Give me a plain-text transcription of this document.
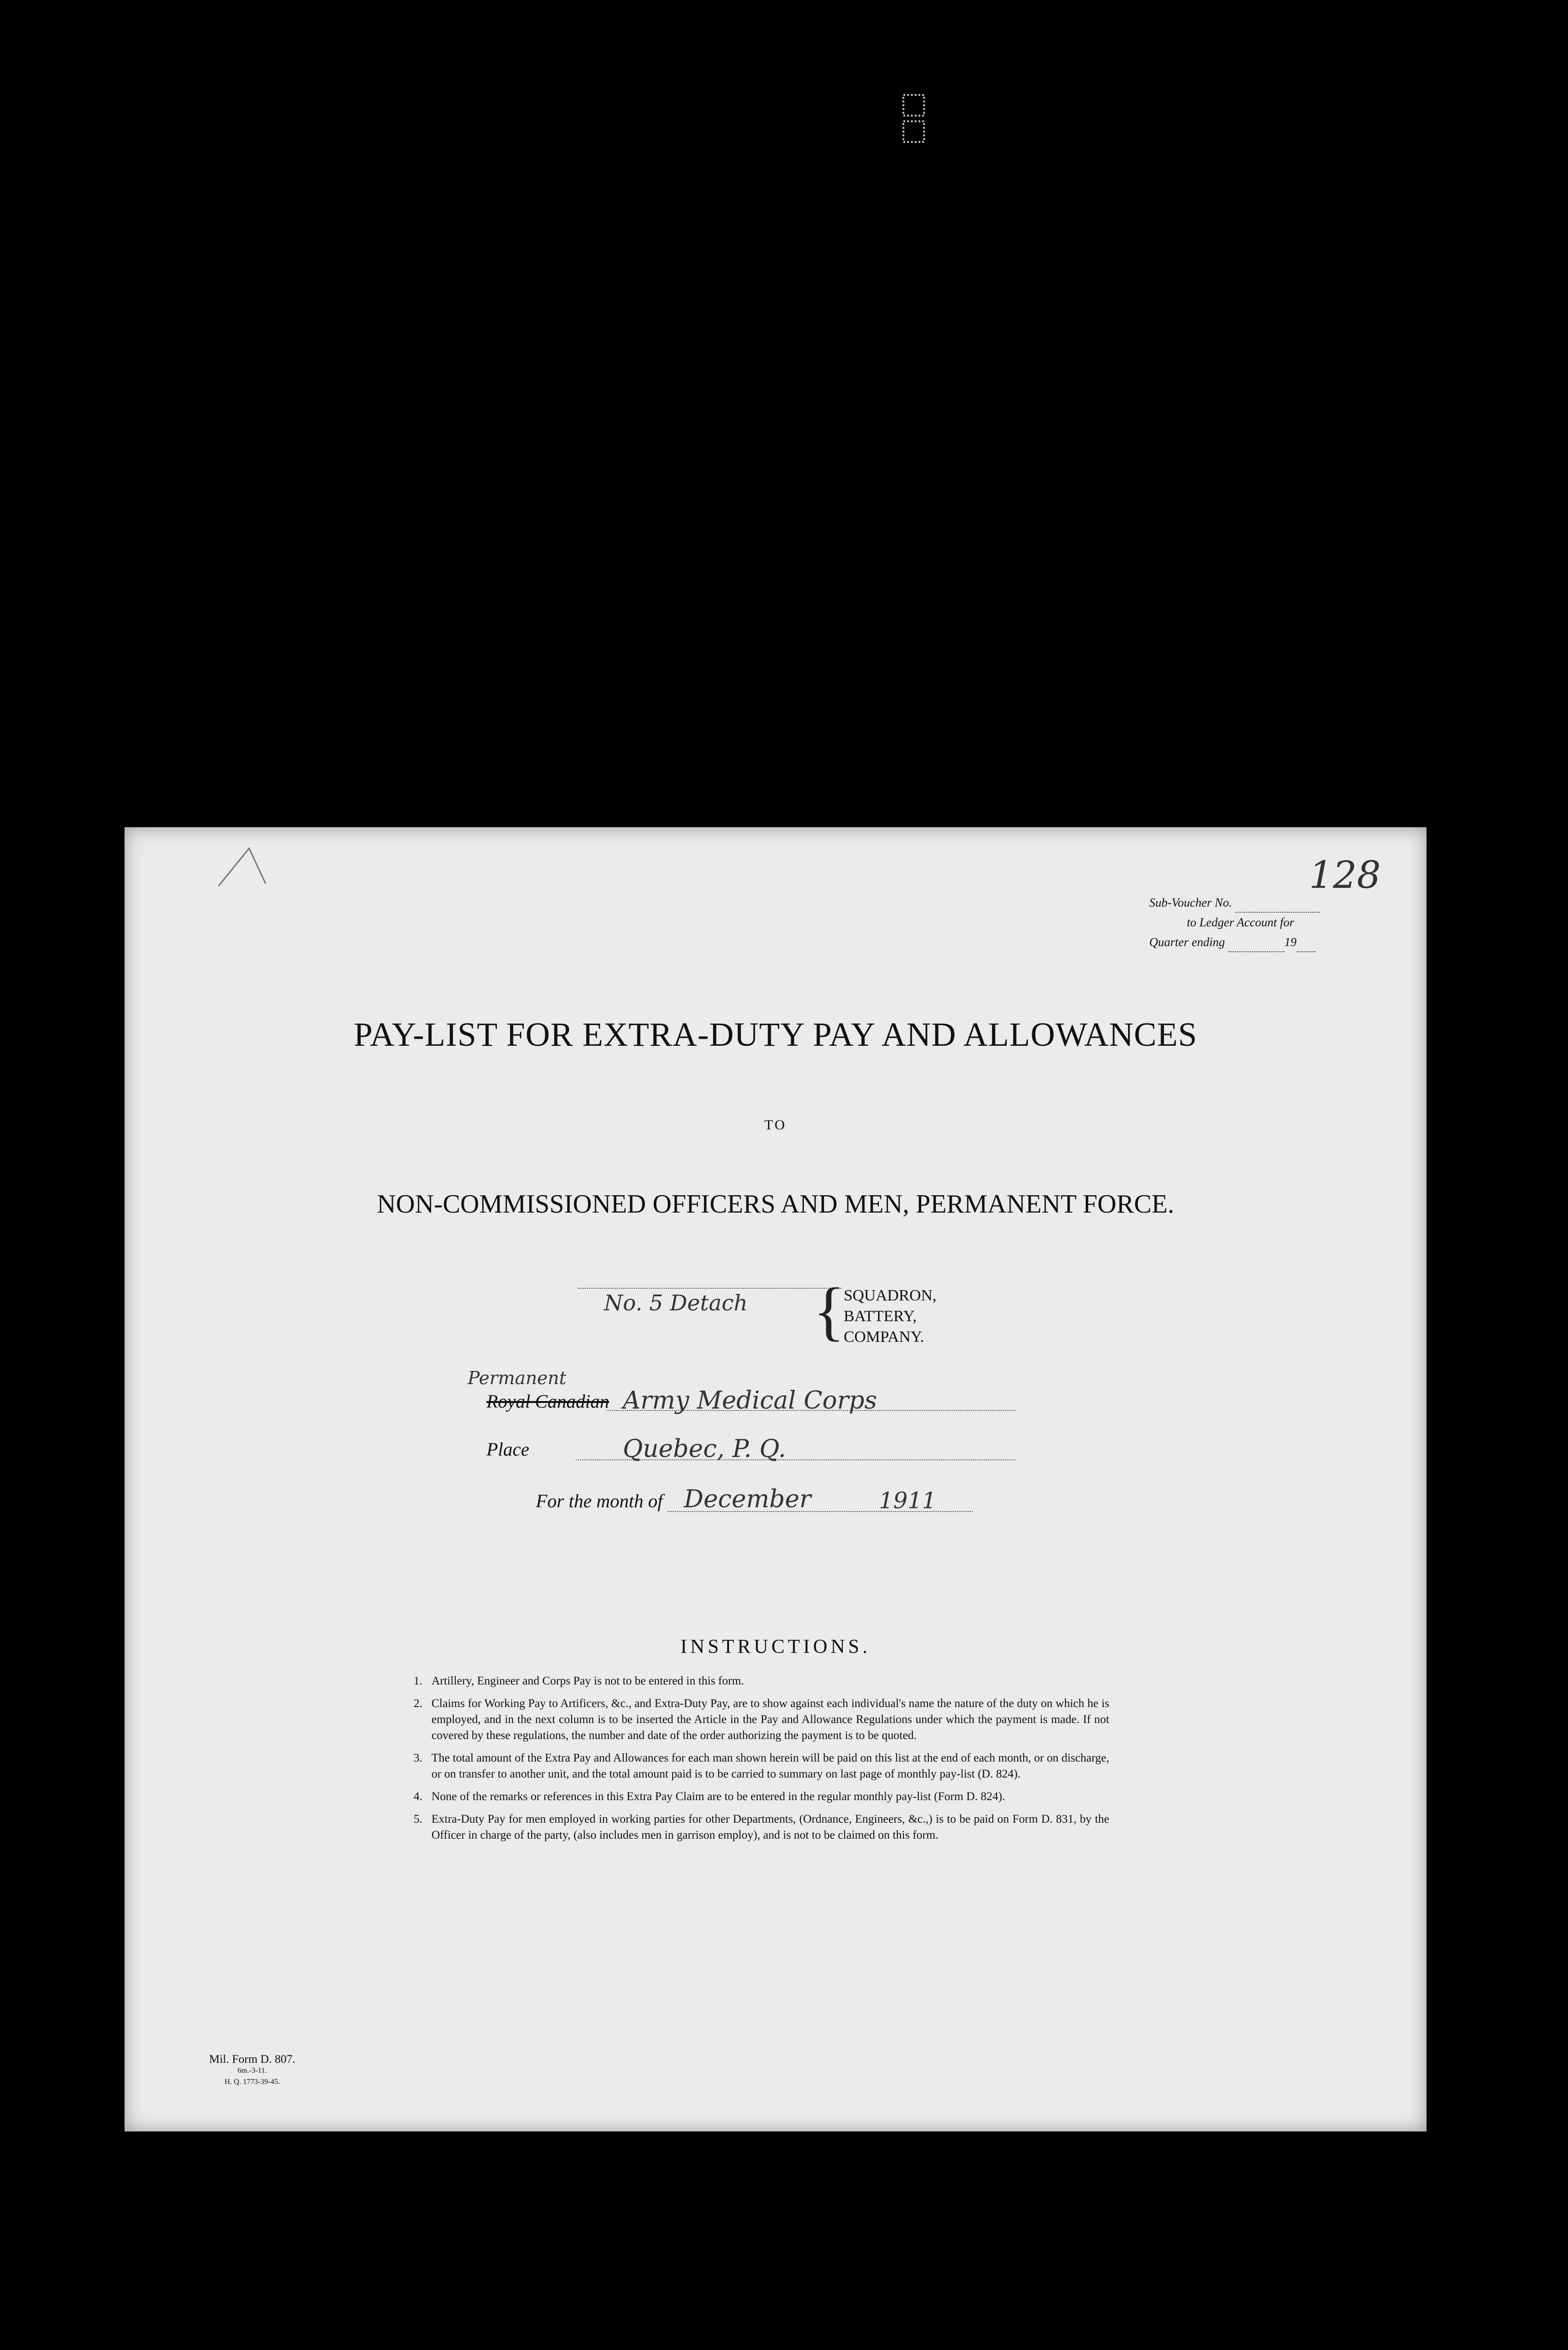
Sub-Voucher No.
to Ledger Account for
Quarter ending	19
128
PAY-LIST FOR EXTRA-DUTY PAY AND ALLOWANCES
TO
NON-COMMISSIONED OFFICERS AND MEN, PERMANENT FORCE.
No. 5 Detach {
SQUADRON,
BATTERY,
COMPANY.
Permanent
Royal Canadian Army Medical Corps
Place	Quebec, P. Q.
For the month of December	1911
INSTRUCTIONS.
1. Artillery, Engineer and Corps Pay is not to be entered in this form.
2. Claims for Working Pay to Artificers, &c., and Extra-Duty Pay, are to show against each individual's name the nature of the duty on which he is employed, and in the next column is to be inserted the Article in the Pay and Allowance Regulations under which the payment is made. If not covered by these regulations, the number and date of the order authorizing the payment is to be quoted.
3. The total amount of the Extra Pay and Allowances for each man shown herein will be paid on this list at the end of each month, or on discharge, or on transfer to another unit, and the total amount paid is to be carried to summary on last page of monthly pay-list (D. 824).
4. None of the remarks or references in this Extra Pay Claim are to be entered in the regular monthly pay-list (Form D. 824).
5. Extra-Duty Pay for men employed in working parties for other Departments, (Ordnance, Engineers, &c.,) is to be paid on Form D. 831, by the Officer in charge of the party, (also includes men in garrison employ), and is not to be claimed on this form.
Mil. Form D. 807.
6m.-3-11.
H. Q. 1773-39-45.
